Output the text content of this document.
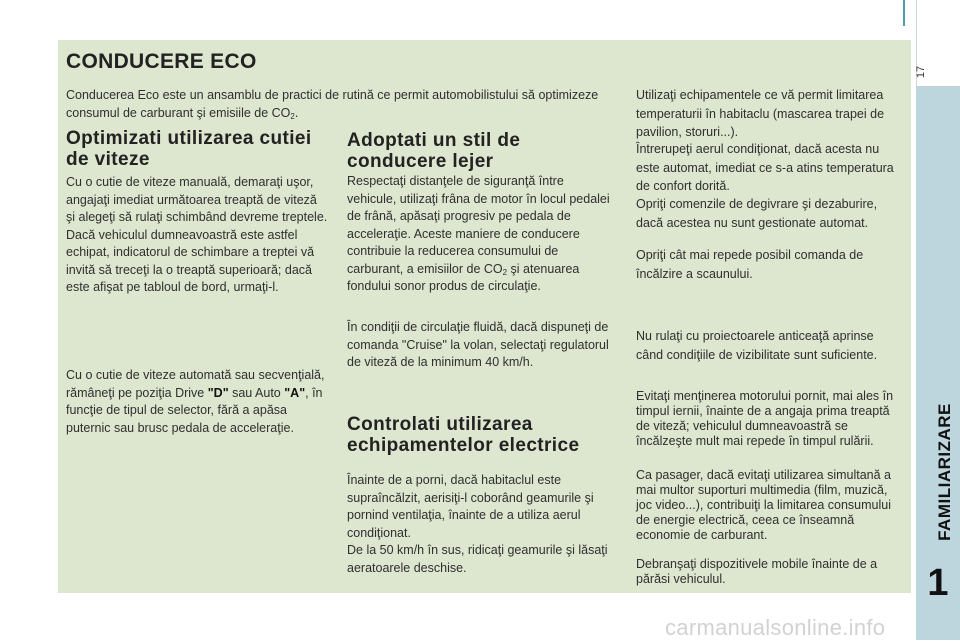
17
CONDUCERE ECO

Conducerea Eco este un ansamblu de practici de rutină ce permit automobilistului să optimizeze consumul de carburant şi emisiile de $CO_2$.

Optimizati utilizarea cutiei de viteze

Cu o cutie de viteze manuală, demaraţi uşor, angajaţi imediat următoarea treaptă de viteză şi alegeţi să rulaţi schimbând devreme treptele. Dacă vehiculul dumneavoastră este astfel echipat, indicatorul de schimbare a treptei vă invită să treceţi la o treaptă superioară; dacă este afişat pe tabloul de bord, urmaţi-l.

Cu o cutie de viteze automată sau secvenţială, rămâneţi pe poziţia Drive "D" sau Auto "A", în funcţie de tipul de selector, fără a apăsa puternic sau brusc pedala de acceleraţie.

Adoptati un stil de conducere lejer

Respectaţi distanţele de siguranţă între vehicule, utilizaţi frâna de motor în locul pedalei de frână, apăsaţi progresiv pe pedala de acceleraţie. Aceste maniere de conducere contribuie la reducerea consumului de carburant, a emisiilor de $CO_2$ şi atenuarea fondului sonor produs de circulaţie.

În condiţii de circulaţie fluidă, dacă dispuneţi de comanda "Cruise" la volan, selectaţi regulatorul de viteză de la minimum 40 km/h.

Controlati utilizarea echipamentelor electrice

Înainte de a porni, dacă habitaclul este supraîncălzit, aerisiţi-l coborând geamurile şi pornind ventilaţia, înainte de a utiliza aerul condiţionat.

De la 50 km/h în sus, ridicaţi geamurile şi lăsaţi aeratoarele deschise.

Utilizaţi echipamentele ce vă permit limitarea temperaturii în habitaclu (mascarea trapei de pavilion, storuri...).

Întrerupeţi aerul condiţionat, dacă acesta nu este automat, imediat ce s-a atins temperatura de confort dorită.

Opriţi comenzile de degivrare şi dezaburire, dacă acestea nu sunt gestionate automat.

Opriţi cât mai repede posibil comanda de încălzire a scaunului.

Nu rulaţi cu proiectoarele anticeaţă aprinse când condiţiile de vizibilitate sunt suficiente.

Evitaţi menţinerea motorului pornit, mai ales în timpul iernii, înainte de a angaja prima treaptă de viteză; vehiculul dumneavoastră se încălzeşte mult mai repede în timpul rulării.

Ca pasager, dacă evitaţi utilizarea simultană a mai multor suporturi multimedia (film, muzică, joc video...), contribuiţi la limitarea consumului de energie electrică, ceea ce înseamnă economie de carburant.

Debranşaţi dispozitivele mobile înainte de a părăsi vehiculul.

FAMILIARIZARE
1
carmanualsonline.info
